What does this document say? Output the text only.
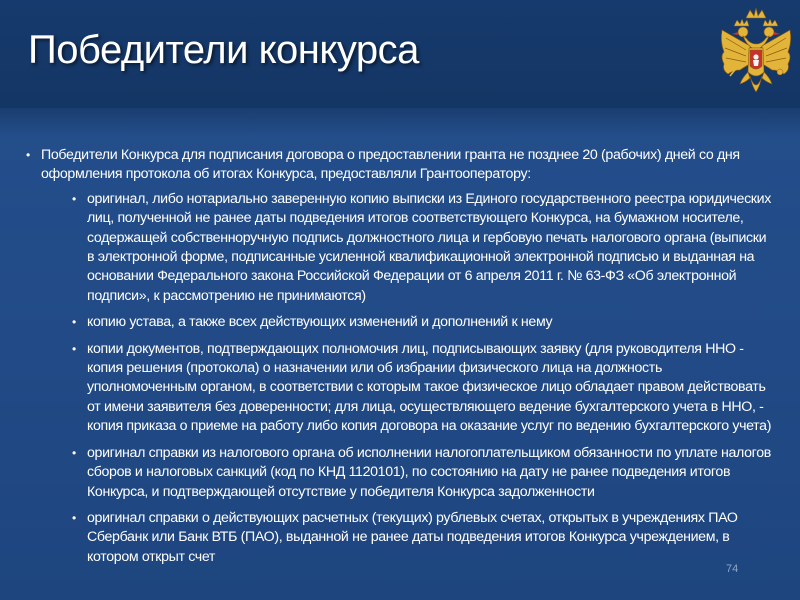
Победители конкурса
• Победители Конкурса для подписания договора о предоставлении гранта не позднее 20 (рабочих) дней со дня оформления протокола об итогах Конкурса, предоставляли Грантооператору:
• оригинал, либо нотариально заверенную копию выписки из Единого государственного реестра юридических лиц, полученной не ранее даты подведения итогов соответствующего Конкурса, на бумажном носителе, содержащей собственноручную подпись должностного лица и гербовую печать налогового органа (выписки в электронной форме, подписанные усиленной квалификационной электронной подписью и выданная на основании Федерального закона Российской Федерации от 6 апреля 2011 г. № 63-ФЗ «Об электронной подписи», к рассмотрению не принимаются)
• копию устава, а также всех действующих изменений и дополнений к нему
• копии документов, подтверждающих полномочия лиц, подписывающих заявку (для руководителя ННО - копия решения (протокола) о назначении или об избрании физического лица на должность уполномоченным органом, в соответствии с которым такое физическое лицо обладает правом действовать от имени заявителя без доверенности; для лица, осуществляющего ведение бухгалтерского учета в ННО, - копия приказа о приеме на работу либо копия договора на оказание услуг по ведению бухгалтерского учета)
• оригинал справки из налогового органа об исполнении налогоплательщиком обязанности по уплате налогов сборов и налоговых санкций (код по КНД 1120101), по состоянию на дату не ранее подведения итогов Конкурса, и подтверждающей отсутствие у победителя Конкурса задолженности
• оригинал справки о действующих расчетных (текущих) рублевых счетах, открытых в учреждениях ПАО Сбербанк или Банк ВТБ (ПАО), выданной не ранее даты подведения итогов Конкурса учреждением, в котором открыт счет
74
